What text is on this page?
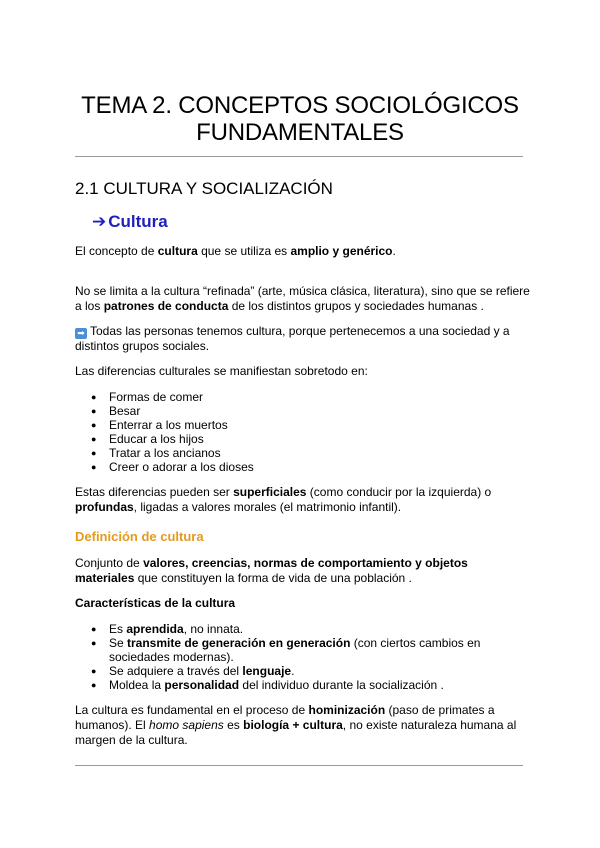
TEMA 2. CONCEPTOS SOCIOLÓGICOS
FUNDAMENTALES
2.1 CULTURA Y SOCIALIZACIÓN
➔ Cultura

El concepto de cultura que se utiliza es amplio y genérico.

No se limita a la cultura “refinada” (arte, música clásica, literatura), sino que se refiere a los patrones de conducta de los distintos grupos y sociedades humanas .

➡ Todas las personas tenemos cultura, porque pertenecemos a una sociedad y a distintos grupos sociales.

Las diferencias culturales se manifiestan sobretodo en:

● Formas de comer
● Besar
● Enterrar a los muertos
● Educar a los hijos
● Tratar a los ancianos
● Creer o adorar a los dioses

Estas diferencias pueden ser superficiales (como conducir por la izquierda) o profundas, ligadas a valores morales (el matrimonio infantil).

Definición de cultura

Conjunto de valores, creencias, normas de comportamiento y objetos materiales que constituyen la forma de vida de una población .

Características de la cultura
● Es aprendida, no innata.
● Se transmite de generación en generación (con ciertos cambios en sociedades modernas).
● Se adquiere a través del lenguaje.
● Moldea la personalidad del individuo durante la socialización .

La cultura es fundamental en el proceso de hominización (paso de primates a humanos). El homo sapiens es biología + cultura, no existe naturaleza humana al margen de la cultura.
